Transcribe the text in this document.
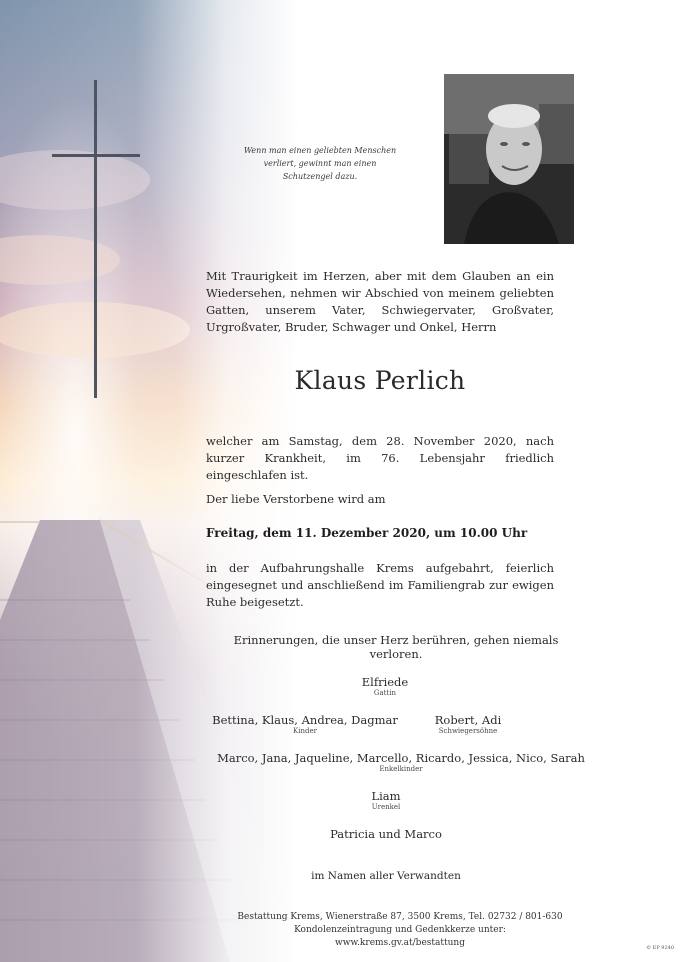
Wenn man einen geliebten Menschen
verliert, gewinnt man einen
Schutzengel dazu.
Mit Traurigkeit im Herzen, aber mit dem Glauben an ein Wiedersehen, nehmen wir Abschied von meinem geliebten Gatten, unserem Vater, Schwiegervater, Großvater, Urgroßvater, Bruder, Schwager und Onkel, Herrn
Klaus Perlich
welcher am Samstag, dem 28. November 2020, nach kurzer Krankheit, im 76. Lebensjahr friedlich eingeschlafen ist.
Der liebe Verstorbene wird am
Freitag, dem 11. Dezember 2020, um 10.00 Uhr
in der Aufbahrungshalle Krems aufgebahrt, feierlich eingesegnet und anschließend im Familiengrab zur ewigen Ruhe beigesetzt.
Erinnerungen, die unser Herz berühren, gehen niemals verloren.
Elfriede
Gattin
Bettina, Klaus, Andrea, Dagmar
Kinder
Robert, Adi
Schwiegersöhne
Marco, Jana, Jaqueline, Marcello, Ricardo, Jessica, Nico, Sarah
Enkelkinder
Liam
Urenkel
Patricia und Marco
im Namen aller Verwandten
Bestattung Krems, Wienerstraße 87, 3500 Krems, Tel. 02732 / 801-630
Kondolenzeintragung und Gedenkkerze unter: www.krems.gv.at/bestattung	© EP 9240
